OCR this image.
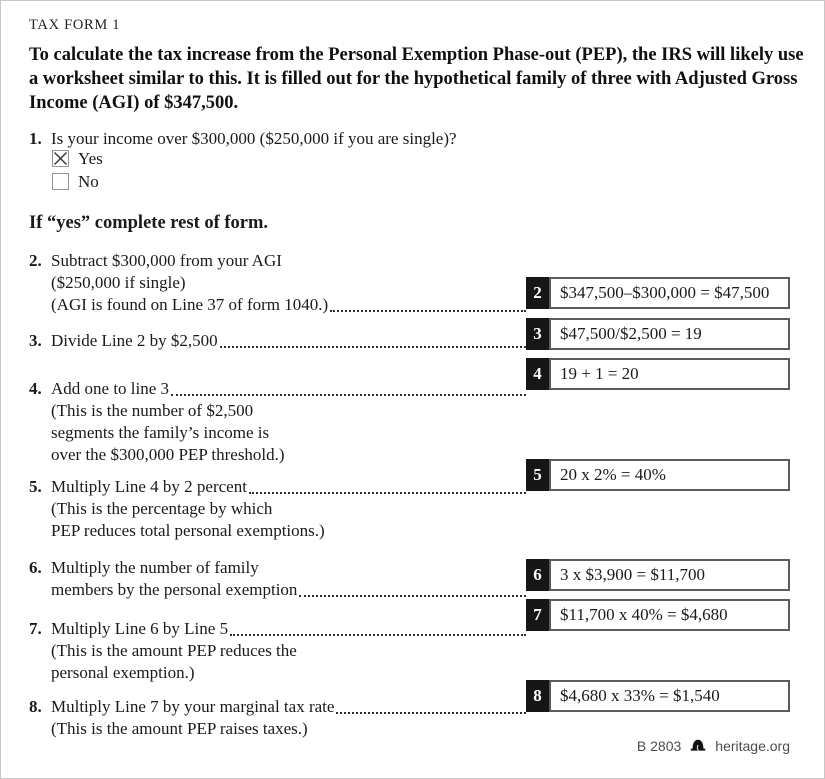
TAX FORM 1
To calculate the tax increase from the Personal Exemption Phase-out (PEP), the IRS will likely use a worksheet similar to this. It is filled out for the hypothetical family of three with Adjusted Gross Income (AGI) of $347,500.
1. Is your income over $300,000 ($250,000 if you are single)?
Yes
No
If “yes” complete rest of form.
2. Subtract $300,000 from your AGI
($250,000 if single)
(AGI is found on Line 37 of form 1040.)
2	$347,500–$300,000 = $47,500
3. Divide Line 2 by $2,500	3	$47,500/$2,500 = 19
4. Add one to line 3
(This is the number of $2,500
segments the family’s income is
over the $300,000 PEP threshold.)
4	19 + 1 = 20
5. Multiply Line 4 by 2 percent
(This is the percentage by which
PEP reduces total personal exemptions.)
5	20 x 2% = 40%
6. Multiply the number of family
members by the personal exemption
6	3 x $3,900 = $11,700
7. Multiply Line 6 by Line 5
(This is the amount PEP reduces the
personal exemption.)
7	$11,700 x 40% = $4,680
8. Multiply Line 7 by your marginal tax rate
(This is the amount PEP raises taxes.)
8	$4,680 x 33% = $1,540
B 2803 heritage.org
